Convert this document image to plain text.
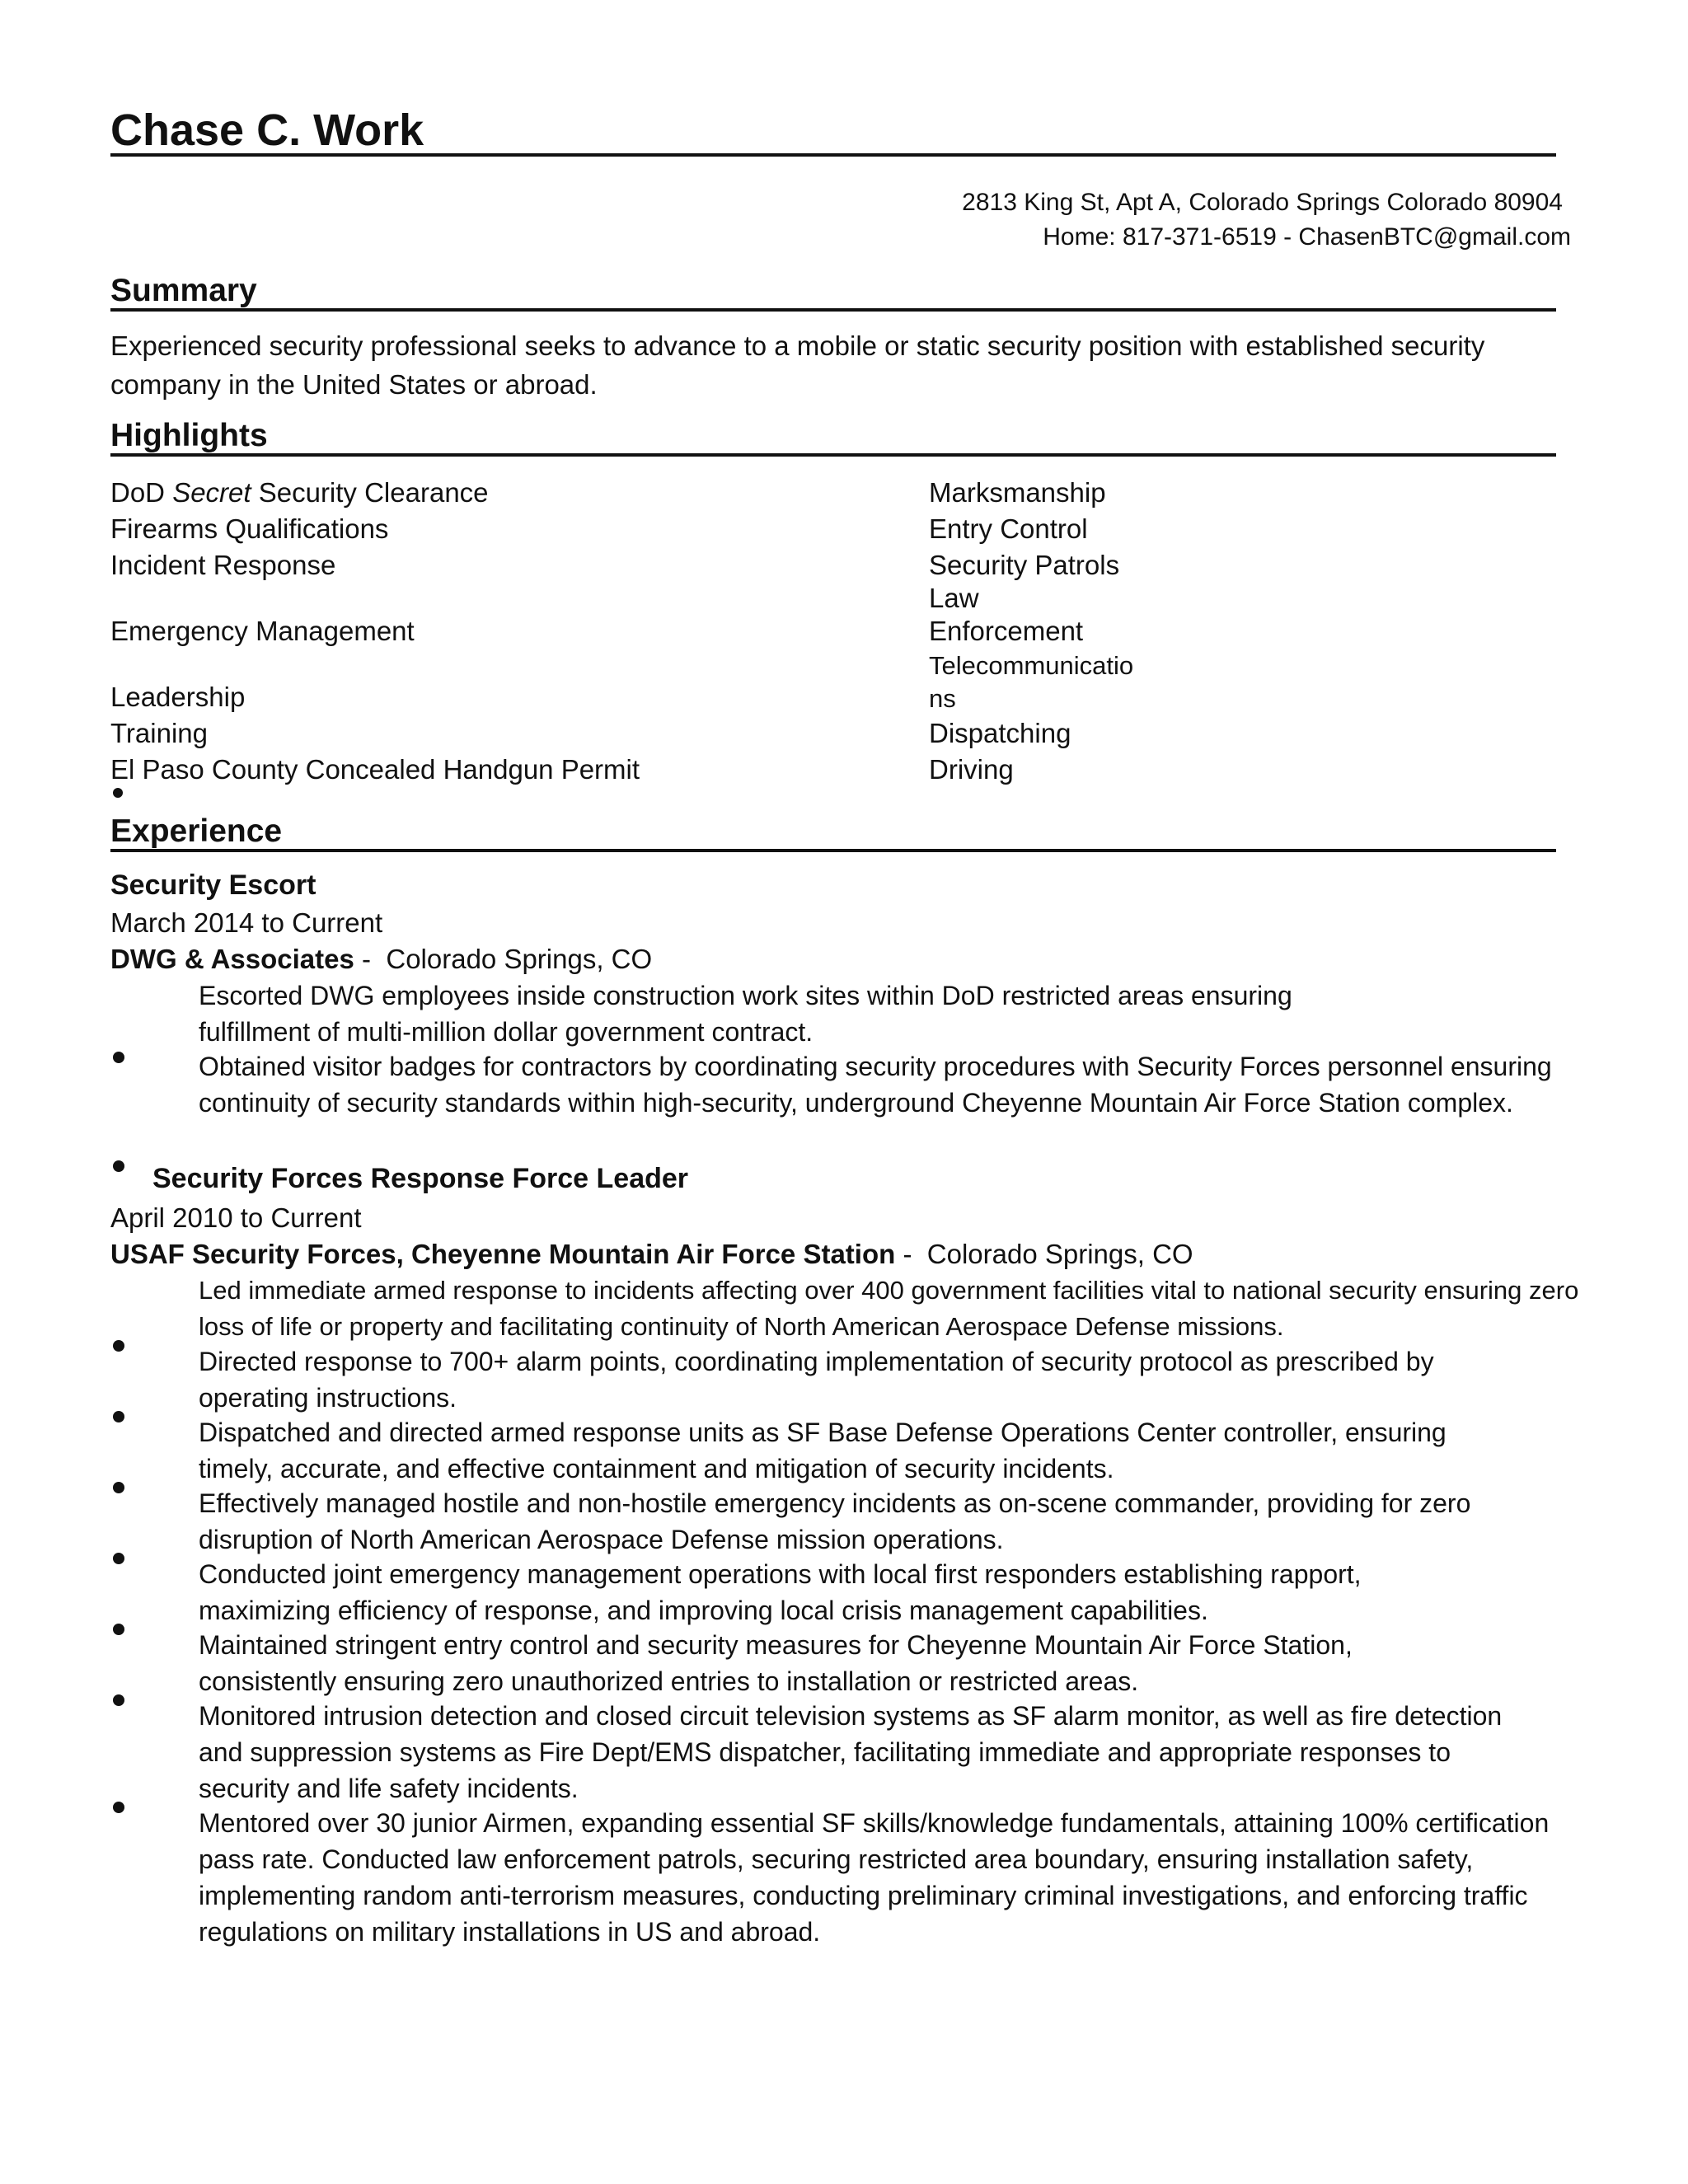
Chase C. Work

2813 King St, Apt A, Colorado Springs Colorado 80904

Home: 817-371-6519 - ChasenBTC@gmail.com

Summary

Experienced security professional seeks to advance to a mobile or static security position with established security company in the United States or abroad.

Highlights

DoD Secret Security Clearance

Firearms Qualifications

Incident Response

Emergency Management

Leadership

Training

El Paso County Concealed Handgun Permit

Marksmanship

Entry Control

Security Patrols

Law

Enforcement

Telecommunicatio

ns

Dispatching

Driving

Experience

Security Escort

March 2014 to Current

DWG & Associates -  Colorado Springs, CO

Escorted DWG employees inside construction work sites within DoD restricted areas ensuring fulfillment of multi-million dollar government contract.

Obtained visitor badges for contractors by coordinating security procedures with Security Forces personnel ensuring continuity of security standards within high-security, underground Cheyenne Mountain Air Force Station complex.

Security Forces Response Force Leader

April 2010 to Current

USAF Security Forces, Cheyenne Mountain Air Force Station -  Colorado Springs, CO

Led immediate armed response to incidents affecting over 400 government facilities vital to national security ensuring zero loss of life or property and facilitating continuity of North American Aerospace Defense missions.

Directed response to 700+ alarm points, coordinating implementation of security protocol as prescribed by operating instructions.

Dispatched and directed armed response units as SF Base Defense Operations Center controller, ensuring timely, accurate, and effective containment and mitigation of security incidents.

Effectively managed hostile and non-hostile emergency incidents as on-scene commander, providing for zero disruption of North American Aerospace Defense mission operations.

Conducted joint emergency management operations with local first responders establishing rapport, maximizing efficiency of response, and improving local crisis management capabilities.

Maintained stringent entry control and security measures for Cheyenne Mountain Air Force Station, consistently ensuring zero unauthorized entries to installation or restricted areas.

Monitored intrusion detection and closed circuit television systems as SF alarm monitor, as well as fire detection and suppression systems as Fire Dept/EMS dispatcher, facilitating immediate and appropriate responses to security and life safety incidents.

Mentored over 30 junior Airmen, expanding essential SF skills/knowledge fundamentals, attaining 100% certification pass rate. Conducted law enforcement patrols, securing restricted area boundary, ensuring installation safety, implementing random anti-terrorism measures, conducting preliminary criminal investigations, and enforcing traffic regulations on military installations in US and abroad.
